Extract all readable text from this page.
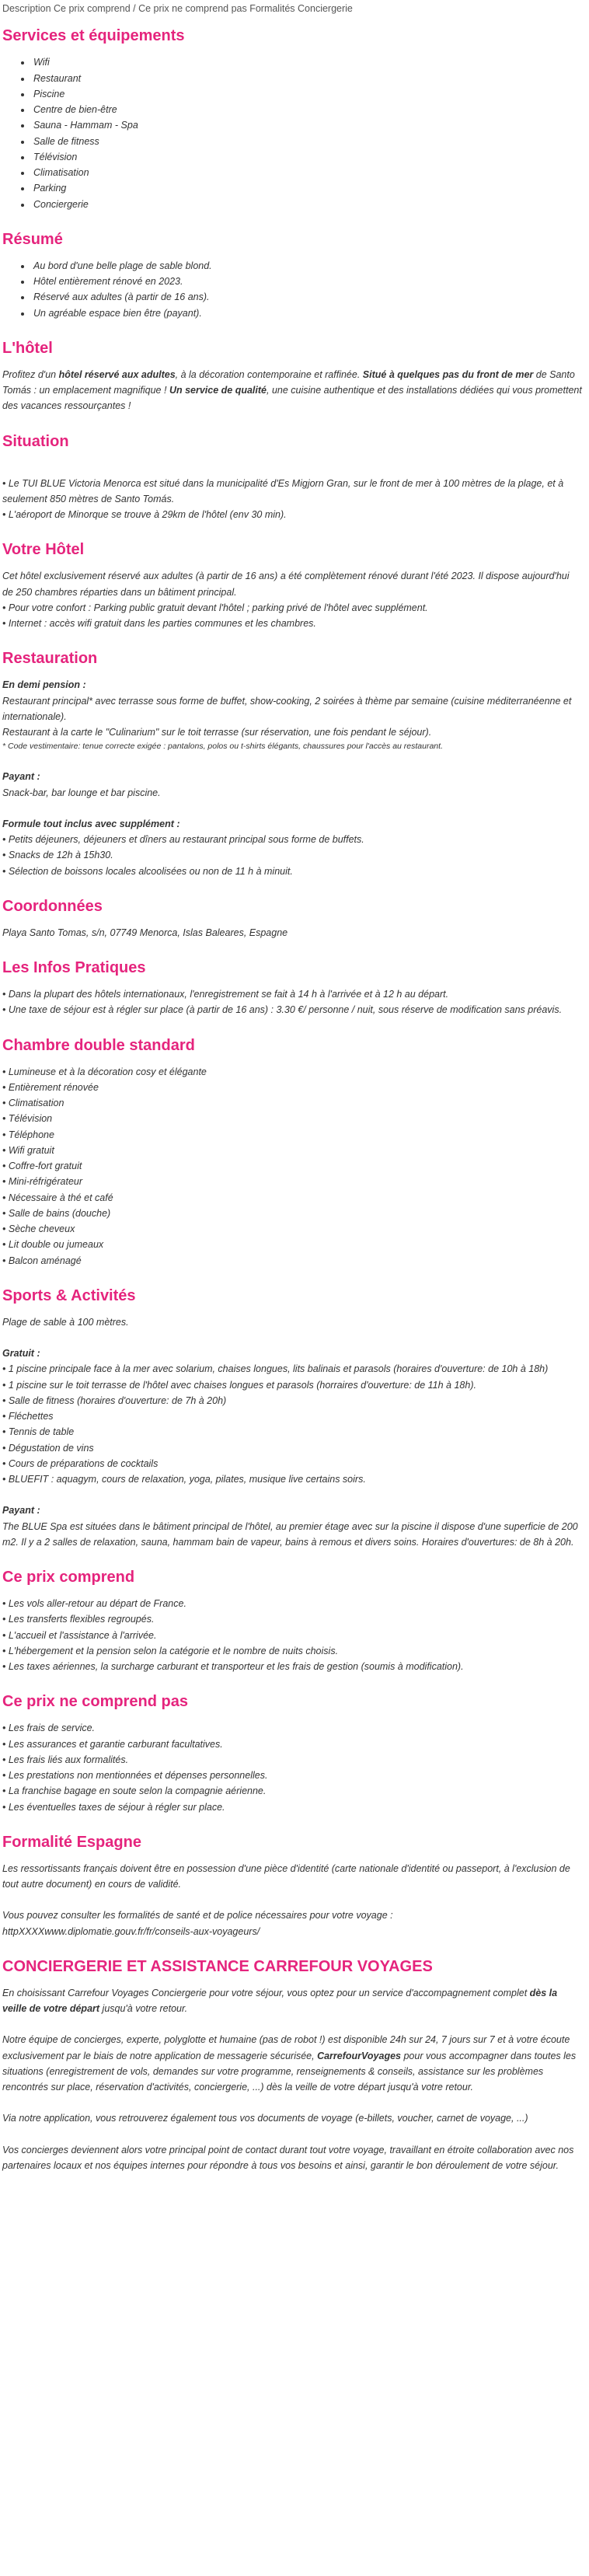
Description Ce prix comprend / Ce prix ne comprend pas Formalités Conciergerie

Services et équipements
• Wifi
• Restaurant
• Piscine
• Centre de bien-être
• Sauna - Hammam - Spa
• Salle de fitness
• Télévision
• Climatisation
• Parking
• Conciergerie
Résumé
• Au bord d'une belle plage de sable blond.
• Hôtel entièrement rénové en 2023.
• Réservé aux adultes (à partir de 16 ans).
• Un agréable espace bien être (payant).
L'hôtel

Profitez d'un hôtel réservé aux adultes, à la décoration contemporaine et raffinée. Situé à quelques pas du front de mer de Santo Tomás : un emplacement magnifique ! Un service de qualité, une cuisine authentique et des installations dédiées qui vous promettent des vacances ressourçantes !

Situation

• Le TUI BLUE Victoria Menorca est situé dans la municipalité d'Es Migjorn Gran, sur le front de mer à 100 mètres de la plage, et à seulement 850 mètres de Santo Tomás.

• L'aéroport de Minorque se trouve à 29km de l'hôtel (env 30 min).

Votre Hôtel

Cet hôtel exclusivement réservé aux adultes (à partir de 16 ans) a été complètement rénové durant l'été 2023. Il dispose aujourd'hui de 250 chambres réparties dans un bâtiment principal.

• Pour votre confort : Parking public gratuit devant l'hôtel ; parking privé de l'hôtel avec supplément.

• Internet : accès wifi gratuit dans les parties communes et les chambres.

Restauration

En demi pension :

Restaurant principal* avec terrasse sous forme de buffet, show-cooking, 2 soirées à thème par semaine (cuisine méditerranéenne et internationale).

Restaurant à la carte le "Culinarium" sur le toit terrasse (sur réservation, une fois pendant le séjour).

* Code vestimentaire: tenue correcte exigée : pantalons, polos ou t-shirts élégants, chaussures pour l'accès au restaurant.

Payant :

Snack-bar, bar lounge et bar piscine.

Formule tout inclus avec supplément :

• Petits déjeuners, déjeuners et dîners au restaurant principal sous forme de buffets.

• Snacks de 12h à 15h30.

• Sélection de boissons locales alcoolisées ou non de 11 h à minuit.

Coordonnées

Playa Santo Tomas, s/n, 07749 Menorca, Islas Baleares, Espagne

Les Infos Pratiques

• Dans la plupart des hôtels internationaux, l'enregistrement se fait à 14 h à l'arrivée et à 12 h au départ.

• Une taxe de séjour est à régler sur place (à partir de 16 ans) : 3.30 €/ personne / nuit, sous réserve de modification sans préavis.

Chambre double standard

• Lumineuse et à la décoration cosy et élégante

• Entièrement rénovée

• Climatisation

• Télévision

• Téléphone

• Wifi gratuit

• Coffre-fort gratuit

• Mini-réfrigérateur

• Nécessaire à thé et café

• Salle de bains (douche)

• Sèche cheveux

• Lit double ou jumeaux

• Balcon aménagé

Sports & Activités

Plage de sable à 100 mètres.

Gratuit :

• 1 piscine principale face à la mer avec solarium, chaises longues, lits balinais et parasols (horaires d'ouverture: de 10h à 18h)

• 1 piscine sur le toit terrasse de l'hôtel avec chaises longues et parasols (horraires d'ouverture: de 11h à 18h).

• Salle de fitness (horaires d'ouverture: de 7h à 20h)

• Fléchettes

• Tennis de table

• Dégustation de vins

• Cours de préparations de cocktails

• BLUEFIT : aquagym, cours de relaxation, yoga, pilates, musique live certains soirs.

Payant :

The BLUE Spa est situées dans le bâtiment principal de l'hôtel, au premier étage avec sur la piscine il dispose d'une superficie de 200 m2. Il y a 2 salles de relaxation, sauna, hammam bain de vapeur, bains à remous et divers soins. Horaires d'ouvertures: de 8h à 20h.

Ce prix comprend

• Les vols aller-retour au départ de France.

• Les transferts flexibles regroupés.

• L'accueil et l'assistance à l'arrivée.

• L'hébergement et la pension selon la catégorie et le nombre de nuits choisis.

• Les taxes aériennes, la surcharge carburant et transporteur et les frais de gestion (soumis à modification).

Ce prix ne comprend pas

• Les frais de service.

• Les assurances et garantie carburant facultatives.

• Les frais liés aux formalités.

• Les prestations non mentionnées et dépenses personnelles.

• La franchise bagage en soute selon la compagnie aérienne.

• Les éventuelles taxes de séjour à régler sur place.

Formalité Espagne

Les ressortissants français doivent être en possession d'une pièce d'identité (carte nationale d'identité ou passeport, à l'exclusion de tout autre document) en cours de validité.

Vous pouvez consulter les formalités de santé et de police nécessaires pour votre voyage :

httpXXXXwww.diplomatie.gouv.fr/fr/conseils-aux-voyageurs/

CONCIERGERIE ET ASSISTANCE CARREFOUR VOYAGES

En choisissant Carrefour Voyages Conciergerie pour votre séjour, vous optez pour un service d'accompagnement complet dès la veille de votre départ jusqu'à votre retour.

Notre équipe de concierges, experte, polyglotte et humaine (pas de robot !) est disponible 24h sur 24, 7 jours sur 7 et à votre écoute exclusivement par le biais de notre application de messagerie sécurisée, CarrefourVoyages pour vous accompagner dans toutes les situations (enregistrement de vols, demandes sur votre programme, renseignements & conseils, assistance sur les problèmes rencontrés sur place, réservation d'activités, conciergerie, ...) dès la veille de votre départ jusqu'à votre retour.

Via notre application, vous retrouverez également tous vos documents de voyage (e-billets, voucher, carnet de voyage, ...)

Vos concierges deviennent alors votre principal point de contact durant tout votre voyage, travaillant en étroite collaboration avec nos partenaires locaux et nos équipes internes pour répondre à tous vos besoins et ainsi, garantir le bon déroulement de votre séjour.
